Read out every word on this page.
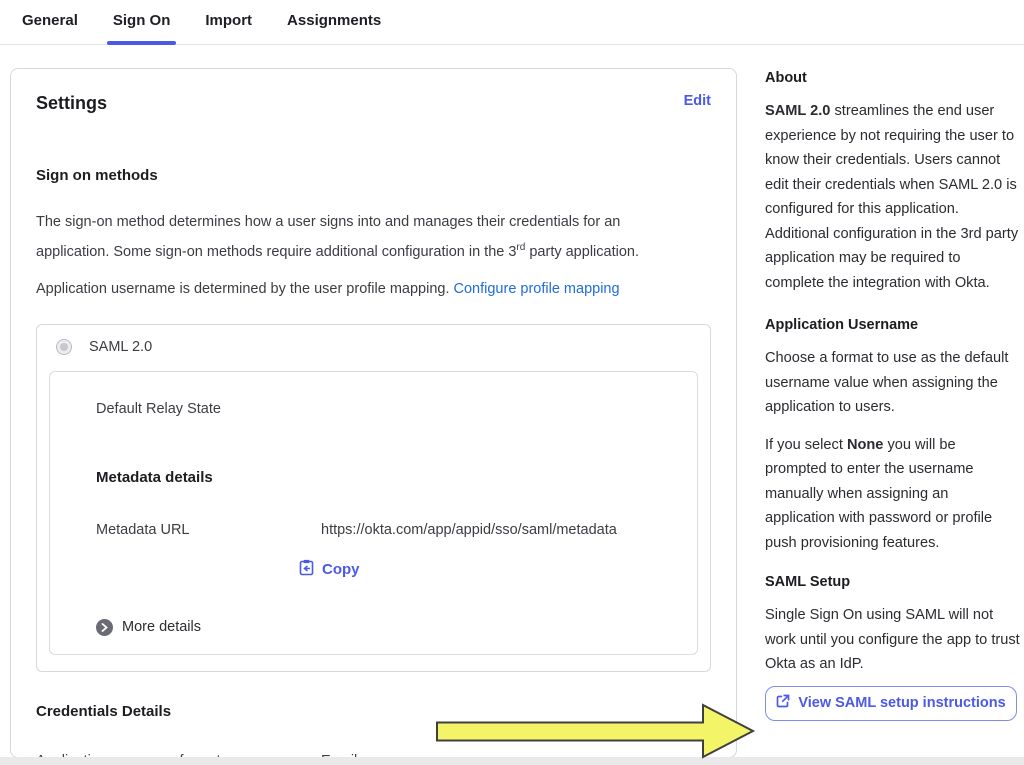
General	Sign On	Import	Assignments
Settings	Edit
Sign on methods

The sign-on method determines how a user signs into and manages their credentials for an application. Some sign-on methods require additional configuration in the 3rd party application.

Application username is determined by the user profile mapping. Configure profile mapping

SAML 2.0
Default Relay State
Metadata details
Metadata URL	https://okta.com/app/appid/sso/saml/metadata
Copy
More details
Credentials Details
About

SAML 2.0 streamlines the end user experience by not requiring the user to know their credentials. Users cannot edit their credentials when SAML 2.0 is configured for this application. Additional configuration in the 3rd party application may be required to complete the integration with Okta.

Application Username

Choose a format to use as the default username value when assigning the application to users.

If you select None you will be prompted to enter the username manually when assigning an application with password or profile push provisioning features.

SAML Setup

Single Sign On using SAML will not work until you configure the app to trust Okta as an IdP.

View SAML setup instructions
